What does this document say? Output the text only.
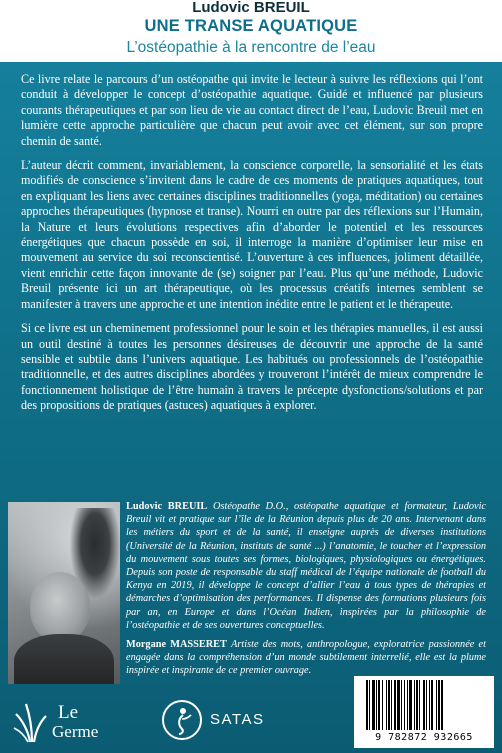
Ludovic BREUIL
UNE TRANSE AQUATIQUE
L’ostéopathie à la rencontre de l’eau

Ce livre relate le parcours d’un ostéopathe qui invite le lecteur à suivre les réflexions qui l’ont conduit à développer le concept d’ostéopathie aquatique. Guidé et influencé par plusieurs courants thérapeutiques et par son lieu de vie au contact direct de l’eau, Ludovic Breuil met en lumière cette approche particulière que chacun peut avoir avec cet élément, sur son propre chemin de santé.

L’auteur décrit comment, invariablement, la conscience corporelle, la sensorialité et les états modifiés de conscience s’invitent dans le cadre de ces moments de pratiques aquatiques, tout en expliquant les liens avec certaines disciplines traditionnelles (yoga, méditation) ou certaines approches thérapeutiques (hypnose et transe). Nourri en outre par des réflexions sur l’Humain, la Nature et leurs évolutions respectives afin d’aborder le potentiel et les ressources énergétiques que chacun possède en soi, il interroge la manière d’optimiser leur mise en mouvement au service du soi reconscientisé. L’ouverture à ces influences, joliment détaillée, vient enrichir cette façon innovante de (se) soigner par l’eau. Plus qu’une méthode, Ludovic Breuil présente ici un art thérapeutique, où les processus créatifs internes semblent se manifester à travers une approche et une intention inédite entre le patient et le thérapeute.

Si ce livre est un cheminement professionnel pour le soin et les thérapies manuelles, il est aussi un outil destiné à toutes les personnes désireuses de découvrir une approche de la santé sensible et subtile dans l’univers aquatique. Les habitués ou professionnels de l’ostéopathie traditionnelle, et des autres disciplines abordées y trouveront l’intérêt de mieux comprendre le fonctionnement holistique de l’être humain à travers le précepte dysfonctions/solutions et par des propositions de pratiques (astuces) aquatiques à explorer.

Ludovic BREUIL Ostéopathe D.O., ostéopathe aquatique et formateur, Ludovic Breuil vit et pratique sur l’île de la Réunion depuis plus de 20 ans. Intervenant dans les métiers du sport et de la santé, il enseigne auprès de diverses institutions (Université de la Réunion, instituts de santé ...) l’anatomie, le toucher et l’expression du mouvement sous toutes ses formes, biologiques, physiologiques ou énergétiques. Depuis son poste de responsable du staff médical de l’équipe nationale de football du Kenya en 2019, il développe le concept d’allier l’eau à tous types de thérapies et démarches d’optimisation des performances. Il dispense des formations plusieurs fois par an, en Europe et dans l’Océan Indien, inspirées par la philosophie de l’ostéopathie et de ses ouvertures conceptuelles.

Morgane MASSERET Artiste des mots, anthropologue, exploratrice passionnée et engagée dans la compréhension d’un monde subtilement interrelié, elle est la plume inspirée et inspirante de ce premier ouvrage.

Le
Germe
SATAS
9 782872 932665
